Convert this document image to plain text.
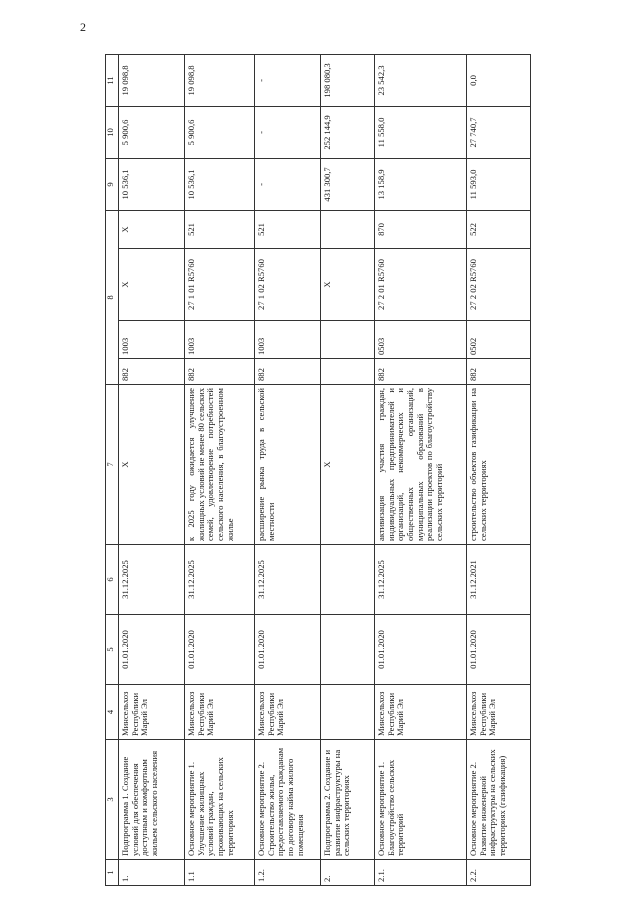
2
1	3	4	5	6	7	8				9	10	11
1.	Подпрограмма 1. Создание условий для обеспечения доступным и комфортным жильем сельского населения	Минсельхоз Республики Марий Эл	01.01.2020	31.12.2025	X	882	1003	X	X	10 536,1	5 900,6	19 098,8
1.1	Основное мероприятие 1. Улучшение жилищных условий граждан, проживающих на сельских территориях	Минсельхоз Республики Марий Эл	01.01.2020	31.12.2025	к 2025 году ожидается улучшение жилищных условий не менее 80 сельских семей, удовлетворение потребностей сельского населения, в благоустроенном жилье	882	1003	27 1 01 R5760	521	10 536,1	5 900,6	19 098,8
1.2.	Основное мероприятие 2. Строительство жилья, предоставляемого гражданам по договору найма жилого помещения	Минсельхоз Республики Марий Эл	01.01.2020	31.12.2025	расширение рынка труда в сельской местности	882	1003	27 1 02 R5760	521	-	-	-
2.	Подпрограмма 2. Создание и развитие инфраструктуры на сельских территориях				X			X		431 300,7	252 144,9	198 080,3
2.1.	Основное мероприятие 1. Благоустройство сельских территорий	Минсельхоз Республики Марий Эл	01.01.2020	31.12.2025	активизация участия граждан, индивидуальных предпринимателей и организаций, некоммерческих и общественных организаций, муниципальных образований в реализации проектов по благоустройству сельских территорий	882	0503	27 2 01 R5760	870	13 158,9	11 558,0	23 542,3
2.2.	Основное мероприятие 2. Развитие инженерной инфраструктуры на сельских территориях (газификация)	Минсельхоз Республики Марий Эл	01.01.2020	31.12.2021	строительство объектов газификации на сельских территориях	882	0502	27 2 02 R5760	522	11 593,0	27 740,7	0,0
